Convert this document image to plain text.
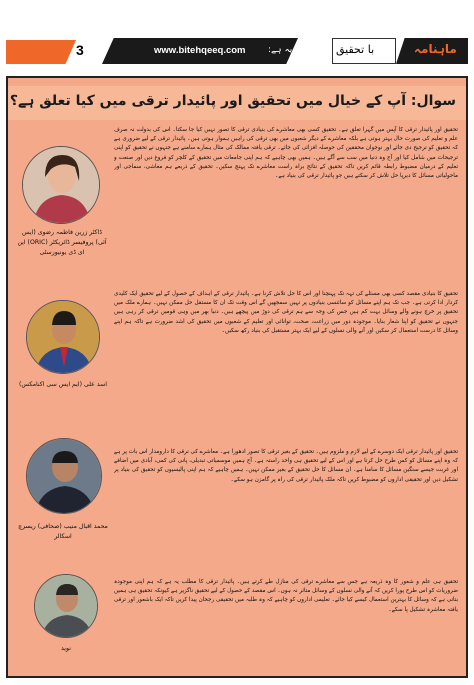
3	www.bitehqeeq.com	سوال یہ ہے: با تحقیق	ماہنامہ
سوال: آپ کے خیال میں تحقیق اور پائیدار ترقی میں کیا تعلق ہے؟
ڈاکٹر زرین فاطمہ رضوی (ایس آئی) پروفیسر ڈائریکٹر (ORIC) این ای ڈی یونیورسٹی
تحقیق اور پائیدار ترقی کا آپس میں گہرا تعلق ہے۔ تحقیق کسی بھی معاشرے کی بنیادی ترقی کا تصور نہیں کیا جا سکتا۔ اس کی بدولت نہ صرف علم و تعلیم کی صورت حال بہتر ہوتی ہے بلکہ معاشرے کے دیگر شعبوں میں بھی ترقی کی راہیں ہموار ہوتی ہیں۔ پائیدار ترقی کے لیے ضروری ہے کہ تحقیق کو ترجیح دی جائے اور نوجوان محققین کی حوصلہ افزائی کی جائے۔ ترقی یافتہ ممالک کی مثال ہمارے سامنے ہے جنہوں نے تحقیق کو اپنی ترجیحات میں شامل کیا اور آج وہ دنیا میں سب سے آگے ہیں۔ ہمیں بھی چاہیے کہ ہم اپنی جامعات میں تحقیق کے کلچر کو فروغ دیں اور صنعت و تعلیم کے درمیان مضبوط رابطہ قائم کریں تاکہ تحقیق کے نتائج براہ راست معاشرے تک پہنچ سکیں۔ تحقیق کے ذریعے ہم معاشی، سماجی اور ماحولیاتی مسائل کا دیرپا حل تلاش کر سکتے ہیں جو پائیدار ترقی کی بنیاد ہے۔
اسد علی (ایم ایس سی اکنامکس)
تحقیق کا بنیادی مقصد کسی بھی مسئلے کی تہہ تک پہنچنا اور اس کا حل تلاش کرنا ہے۔ پائیدار ترقی کے اہداف کے حصول کے لیے تحقیق ایک کلیدی کردار ادا کرتی ہے۔ جب تک ہم اپنے مسائل کو سائنسی بنیادوں پر نہیں سمجھیں گے اس وقت تک ان کا مستقل حل ممکن نہیں۔ ہمارے ملک میں تحقیق پر خرچ ہونے والے وسائل بہت کم ہیں جس کی وجہ سے ہم ترقی کی دوڑ میں پیچھے ہیں۔ دنیا بھر میں وہی قومیں ترقی کر رہی ہیں جنہوں نے تحقیق کو اپنا شعار بنایا۔ موجودہ دور میں زراعت، صحت، توانائی اور تعلیم کے شعبوں میں تحقیق کی اشد ضرورت ہے تاکہ ہم اپنے وسائل کا درست استعمال کر سکیں اور آنے والی نسلوں کے لیے ایک بہتر مستقبل کی بنیاد رکھ سکیں۔
محمد اقبال منیب (صحافی) ریسرچ اسکالر
تحقیق اور پائیدار ترقی ایک دوسرے کے لیے لازم و ملزوم ہیں۔ تحقیق کے بغیر ترقی کا تصور ادھورا ہے۔ معاشرے کی ترقی کا دارومدار اس بات پر ہے کہ وہ اپنے مسائل کو کس طرح حل کرتا ہے اور اس کے لیے تحقیق ہی واحد راستہ ہے۔ آج ہمیں موسمیاتی تبدیلی، پانی کی کمی، آبادی میں اضافے اور غربت جیسے سنگین مسائل کا سامنا ہے۔ ان مسائل کا حل تحقیق کے بغیر ممکن نہیں۔ ہمیں چاہیے کہ ہم اپنی پالیسیوں کو تحقیق کی بنیاد پر تشکیل دیں اور تحقیقی اداروں کو مضبوط کریں تاکہ ملک پائیدار ترقی کی راہ پر گامزن ہو سکے۔
نوید
تحقیق ہی علم و شعور کا وہ ذریعہ ہے جس سے معاشرے ترقی کی منازل طے کرتے ہیں۔ پائیدار ترقی کا مطلب یہ ہے کہ ہم اپنی موجودہ ضروریات کو اس طرح پورا کریں کہ آنے والی نسلوں کے وسائل متاثر نہ ہوں۔ اس مقصد کے حصول کے لیے تحقیق ناگزیر ہے کیونکہ تحقیق ہی ہمیں بتاتی ہے کہ وسائل کا بہترین استعمال کیسے کیا جائے۔ تعلیمی اداروں کو چاہیے کہ وہ طلبہ میں تحقیقی رجحان پیدا کریں تاکہ ایک باشعور اور ترقی یافتہ معاشرہ تشکیل پا سکے۔
